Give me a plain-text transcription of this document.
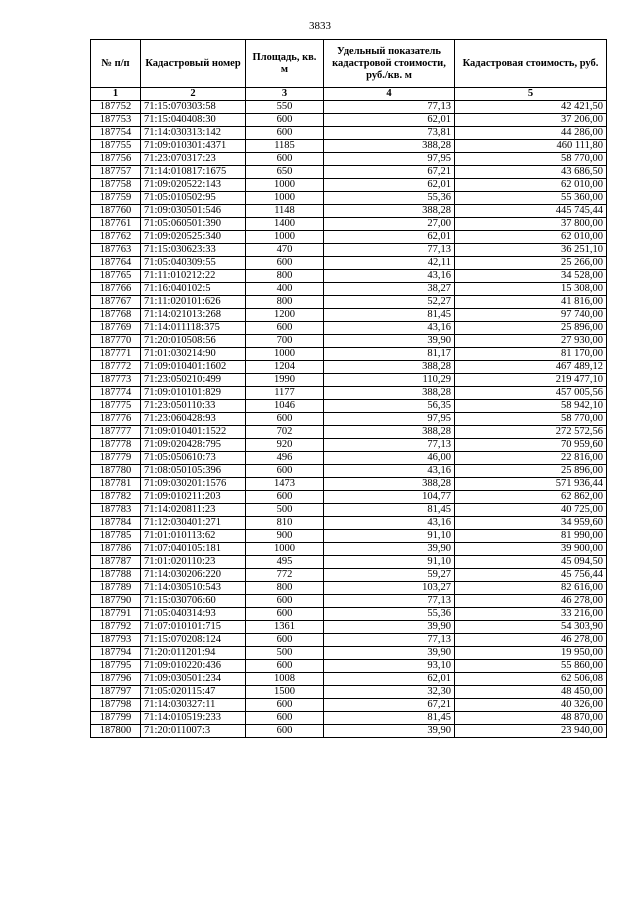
3833
№ п/п	Кадастровый номер	Площадь, кв. м	Удельный показатель кадастровой стоимости, руб./кв. м	Кадастровая стоимость, руб.
1	2	3	4	5
187752	71:15:070303:58	550	77,13	42 421,50
187753	71:15:040408:30	600	62,01	37 206,00
187754	71:14:030313:142	600	73,81	44 286,00
187755	71:09:010301:4371	1185	388,28	460 111,80
187756	71:23:070317:23	600	97,95	58 770,00
187757	71:14:010817:1675	650	67,21	43 686,50
187758	71:09:020522:143	1000	62,01	62 010,00
187759	71:05:010502:95	1000	55,36	55 360,00
187760	71:09:030501:546	1148	388,28	445 745,44
187761	71:05:060501:390	1400	27,00	37 800,00
187762	71:09:020525:340	1000	62,01	62 010,00
187763	71:15:030623:33	470	77,13	36 251,10
187764	71:05:040309:55	600	42,11	25 266,00
187765	71:11:010212:22	800	43,16	34 528,00
187766	71:16:040102:5	400	38,27	15 308,00
187767	71:11:020101:626	800	52,27	41 816,00
187768	71:14:021013:268	1200	81,45	97 740,00
187769	71:14:011118:375	600	43,16	25 896,00
187770	71:20:010508:56	700	39,90	27 930,00
187771	71:01:030214:90	1000	81,17	81 170,00
187772	71:09:010401:1602	1204	388,28	467 489,12
187773	71:23:050210:499	1990	110,29	219 477,10
187774	71:09:010101:829	1177	388,28	457 005,56
187775	71:23:050110:33	1046	56,35	58 942,10
187776	71:23:060428:93	600	97,95	58 770,00
187777	71:09:010401:1522	702	388,28	272 572,56
187778	71:09:020428:795	920	77,13	70 959,60
187779	71:05:050610:73	496	46,00	22 816,00
187780	71:08:050105:396	600	43,16	25 896,00
187781	71:09:030201:1576	1473	388,28	571 936,44
187782	71:09:010211:203	600	104,77	62 862,00
187783	71:14:020811:23	500	81,45	40 725,00
187784	71:12:030401:271	810	43,16	34 959,60
187785	71:01:010113:62	900	91,10	81 990,00
187786	71:07:040105:181	1000	39,90	39 900,00
187787	71:01:020110:23	495	91,10	45 094,50
187788	71:14:030206:220	772	59,27	45 756,44
187789	71:14:030510:543	800	103,27	82 616,00
187790	71:15:030706:60	600	77,13	46 278,00
187791	71:05:040314:93	600	55,36	33 216,00
187792	71:07:010101:715	1361	39,90	54 303,90
187793	71:15:070208:124	600	77,13	46 278,00
187794	71:20:011201:94	500	39,90	19 950,00
187795	71:09:010220:436	600	93,10	55 860,00
187796	71:09:030501:234	1008	62,01	62 506,08
187797	71:05:020115:47	1500	32,30	48 450,00
187798	71:14:030327:11	600	67,21	40 326,00
187799	71:14:010519:233	600	81,45	48 870,00
187800	71:20:011007:3	600	39,90	23 940,00
